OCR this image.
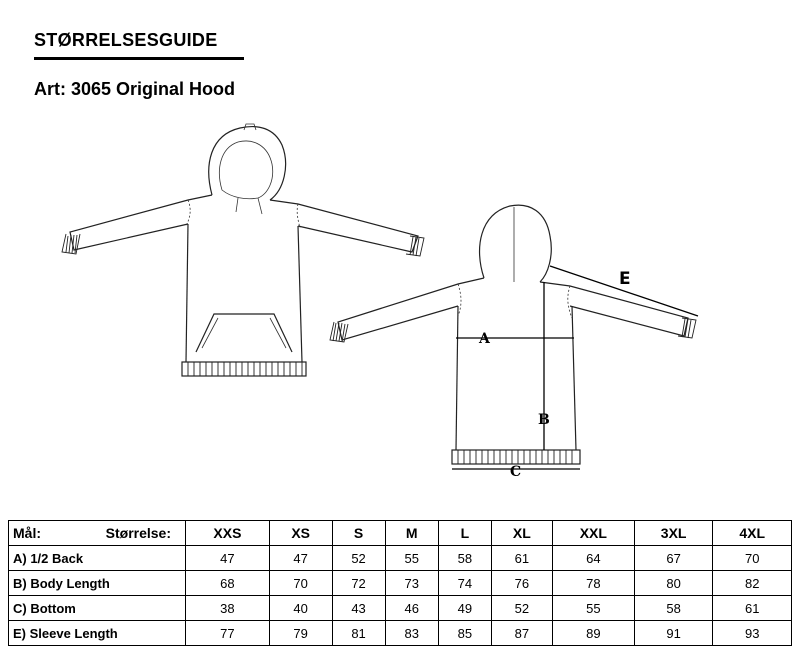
STØRRELSESGUIDE
Art: 3065 Original Hood
A
B
C
E
Mål: Størrelse:	XXS	XS	S	M	L	XL	XXL	3XL	4XL
A) 1/2 Back	47	47	52	55	58	61	64	67	70
B) Body Length	68	70	72	73	74	76	78	80	82
C) Bottom	38	40	43	46	49	52	55	58	61
E) Sleeve Length	77	79	81	83	85	87	89	91	93
